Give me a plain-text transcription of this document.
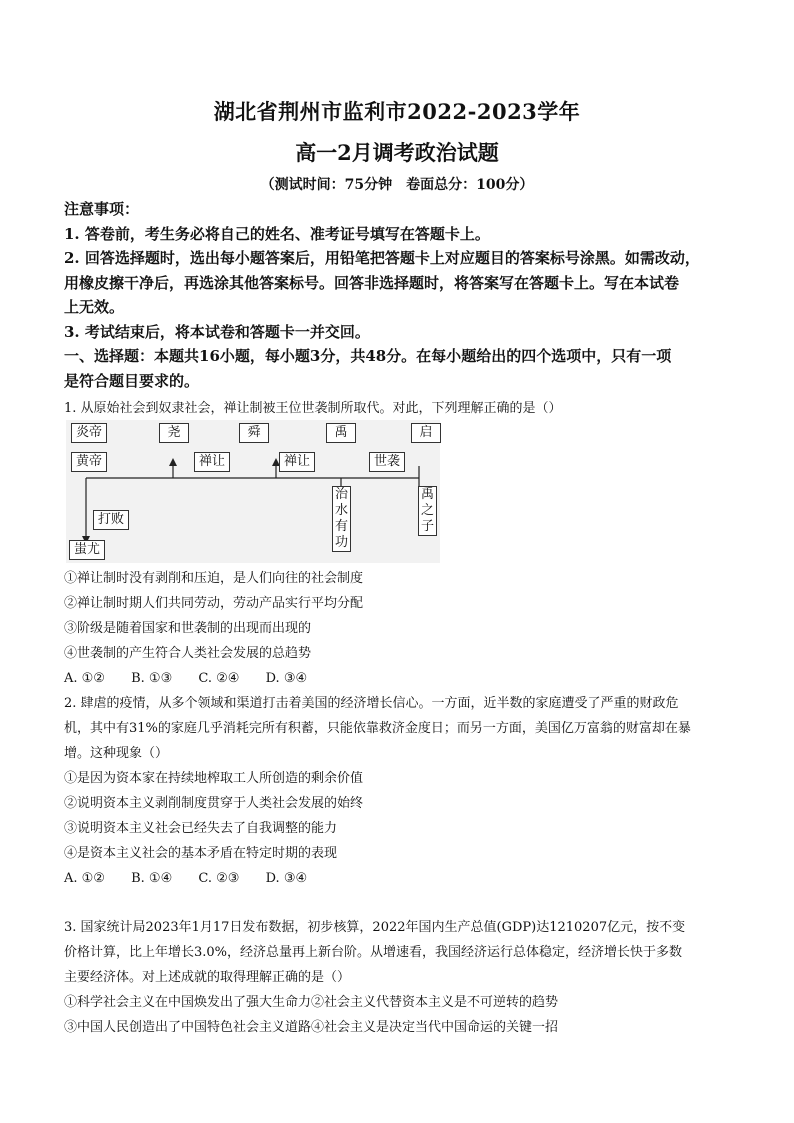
湖北省荆州市监利市2022-2023学年
高一2月调考政治试题
（测试时间：75分钟　卷面总分：100分）
注意事项：
1. 答卷前，考生务必将自己的姓名、准考证号填写在答题卡上。
2. 回答选择题时，选出每小题答案后，用铅笔把答题卡上对应题目的答案标号涂黑。如需改动，
用橡皮擦干净后，再选涂其他答案标号。回答非选择题时，将答案写在答题卡上。写在本试卷
上无效。
3. 考试结束后，将本试卷和答题卡一并交回。
一、选择题：本题共16小题，每小题3分，共48分。在每小题给出的四个选项中，只有一项
是符合题目要求的。
1. 从原始社会到奴隶社会，禅让制被王位世袭制所取代。对此，下列理解正确的是（）
炎帝	尧	舜	禹	启
黄帝	禅让	禅让	世袭
打败
蚩尤
治水有功
禹之子
①禅让制时没有剥削和压迫，是人们向往的社会制度
②禅让制时期人们共同劳动，劳动产品实行平均分配
③阶级是随着国家和世袭制的出现而出现的
④世袭制的产生符合人类社会发展的总趋势
A. ①② B. ①③ C. ②④ D. ③④
2. 肆虐的疫情，从多个领域和渠道打击着美国的经济增长信心。一方面，近半数的家庭遭受了严重的财政危
机，其中有31%的家庭几乎消耗完所有积蓄，只能依靠救济金度日；而另一方面，美国亿万富翁的财富却在暴
增。这种现象（）
①是因为资本家在持续地榨取工人所创造的剩余价值
②说明资本主义剥削制度贯穿于人类社会发展的始终
③说明资本主义社会已经失去了自我调整的能力
④是资本主义社会的基本矛盾在特定时期的表现
A. ①② B. ①④ C. ②③ D. ③④
3. 国家统计局2023年1月17日发布数据，初步核算，2022年国内生产总值(GDP)达1210207亿元，按不变
价格计算，比上年增长3.0%，经济总量再上新台阶。从增速看，我国经济运行总体稳定，经济增长快于多数
主要经济体。对上述成就的取得理解正确的是（）
①科学社会主义在中国焕发出了强大生命力②社会主义代替资本主义是不可逆转的趋势
③中国人民创造出了中国特色社会主义道路④社会主义是决定当代中国命运的关键一招
